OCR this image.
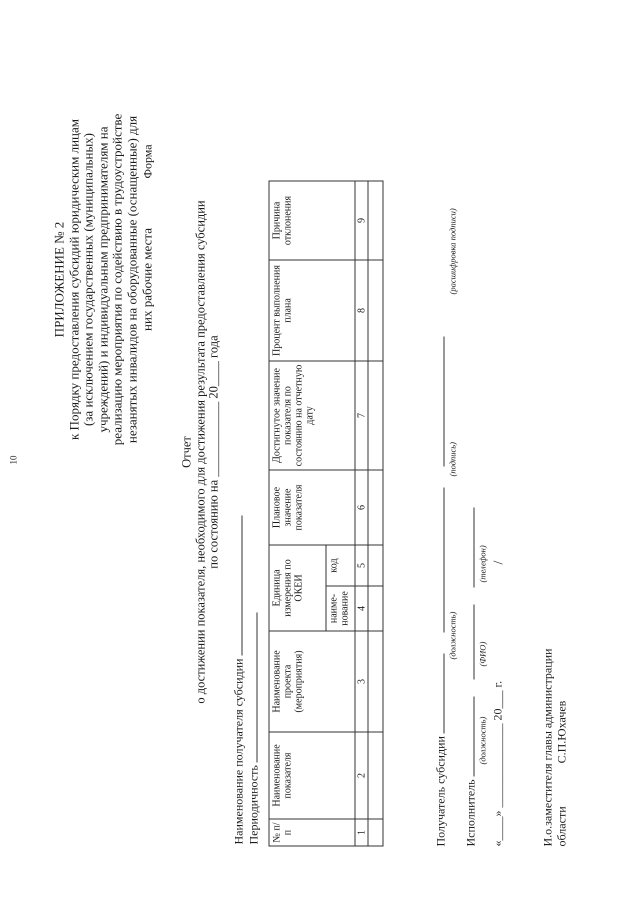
10
ПРИЛОЖЕНИЕ № 2 к Порядку предоставления субсидий юридическим лицам (за исключением государственных (муниципальных) учреждений) и индивидуальным предпринимателям на реализацию мероприятия по содействию в трудоустройстве незанятых инвалидов на оборудованные (оснащенные) для них рабочие места
Форма
Отчет о достижении показателя, необходимого для достижения результата предоставления субсидии по состоянию на ____________ 20____ года
Наименование получателя субсидии Периодичность № п/п	Наименование показателя	Наименование проекта (мероприятия)	Единица измерения по ОКЕИ		Плановое значение показателя	Достигнутое значение показателя по состоянию на отчетную дату	Процент выполнения плана	Причина отклонения
			наиме-нование	код				
1	2	3	4	5	6	7	8	9

Получатель субсидии
(должность)
(подпись)
(расшифровка подписи)
Исполнитель
(должность)
(ФИО)
(телефон)
«____» ______________ 20___ г.
/
И.о.заместителя главы администрации области С.П.Юхачев
